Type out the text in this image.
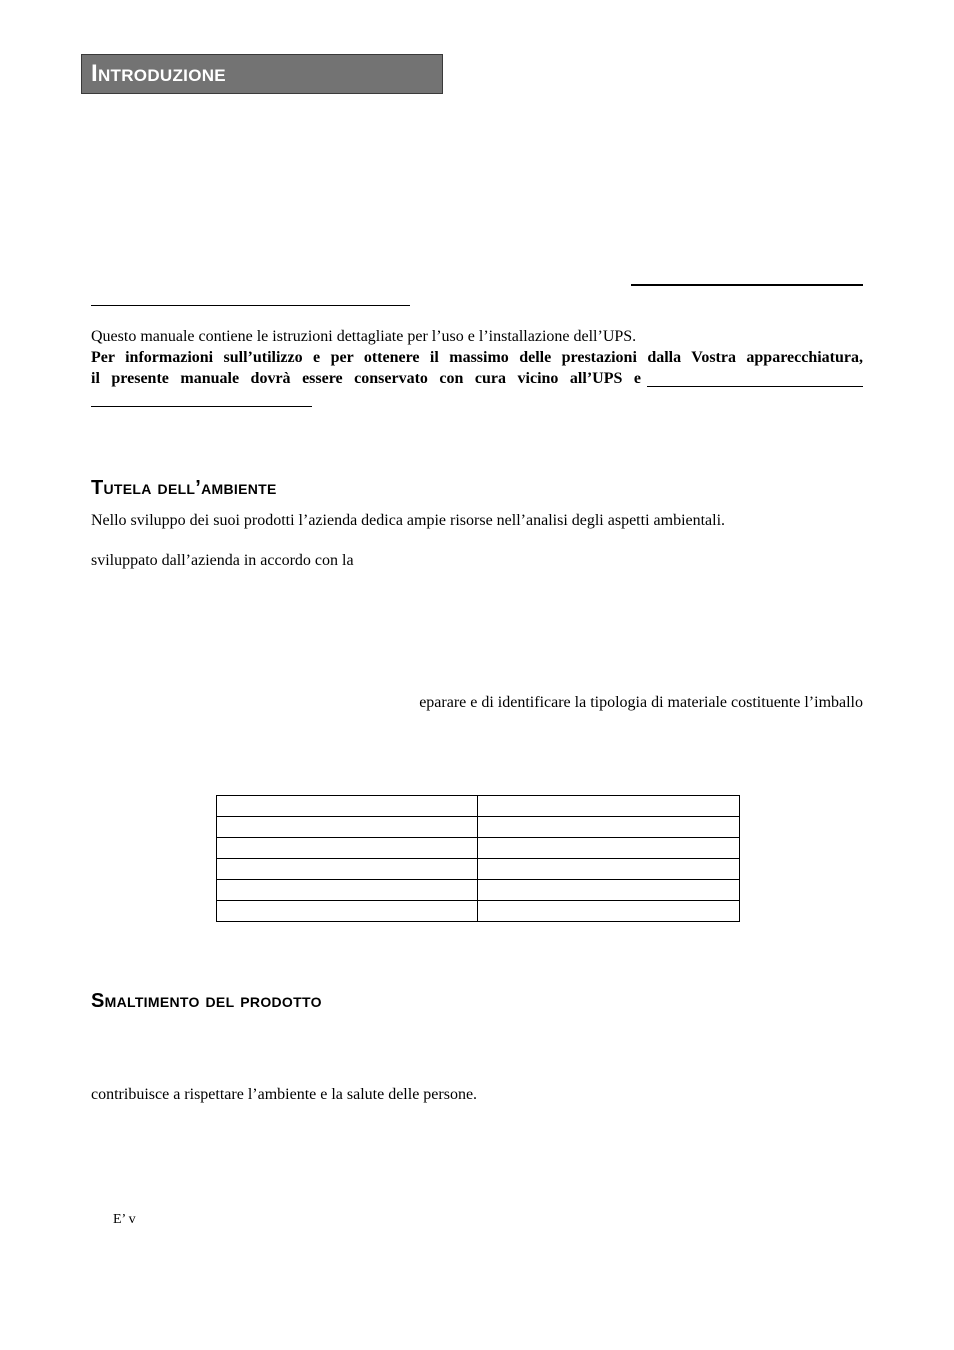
Introduzione
Questo manuale contiene le istruzioni dettagliate per l’uso e l’installazione dell’UPS.
Per informazioni sull’utilizzo e per ottenere il massimo delle prestazioni dalla Vostra apparecchiatura,
il presente manuale dovrà essere conservato con cura vicino all’UPS e
Tutela dell’ambiente
Nello sviluppo dei suoi prodotti l’azienda dedica ampie risorse nell’analisi degli aspetti ambientali.
sviluppato dall’azienda in accordo con la
eparare e di identificare la tipologia di materiale costituente l’imballo

Smaltimento del prodotto
contribuisce a rispettare l’ambiente e la salute delle persone.
E’ v
